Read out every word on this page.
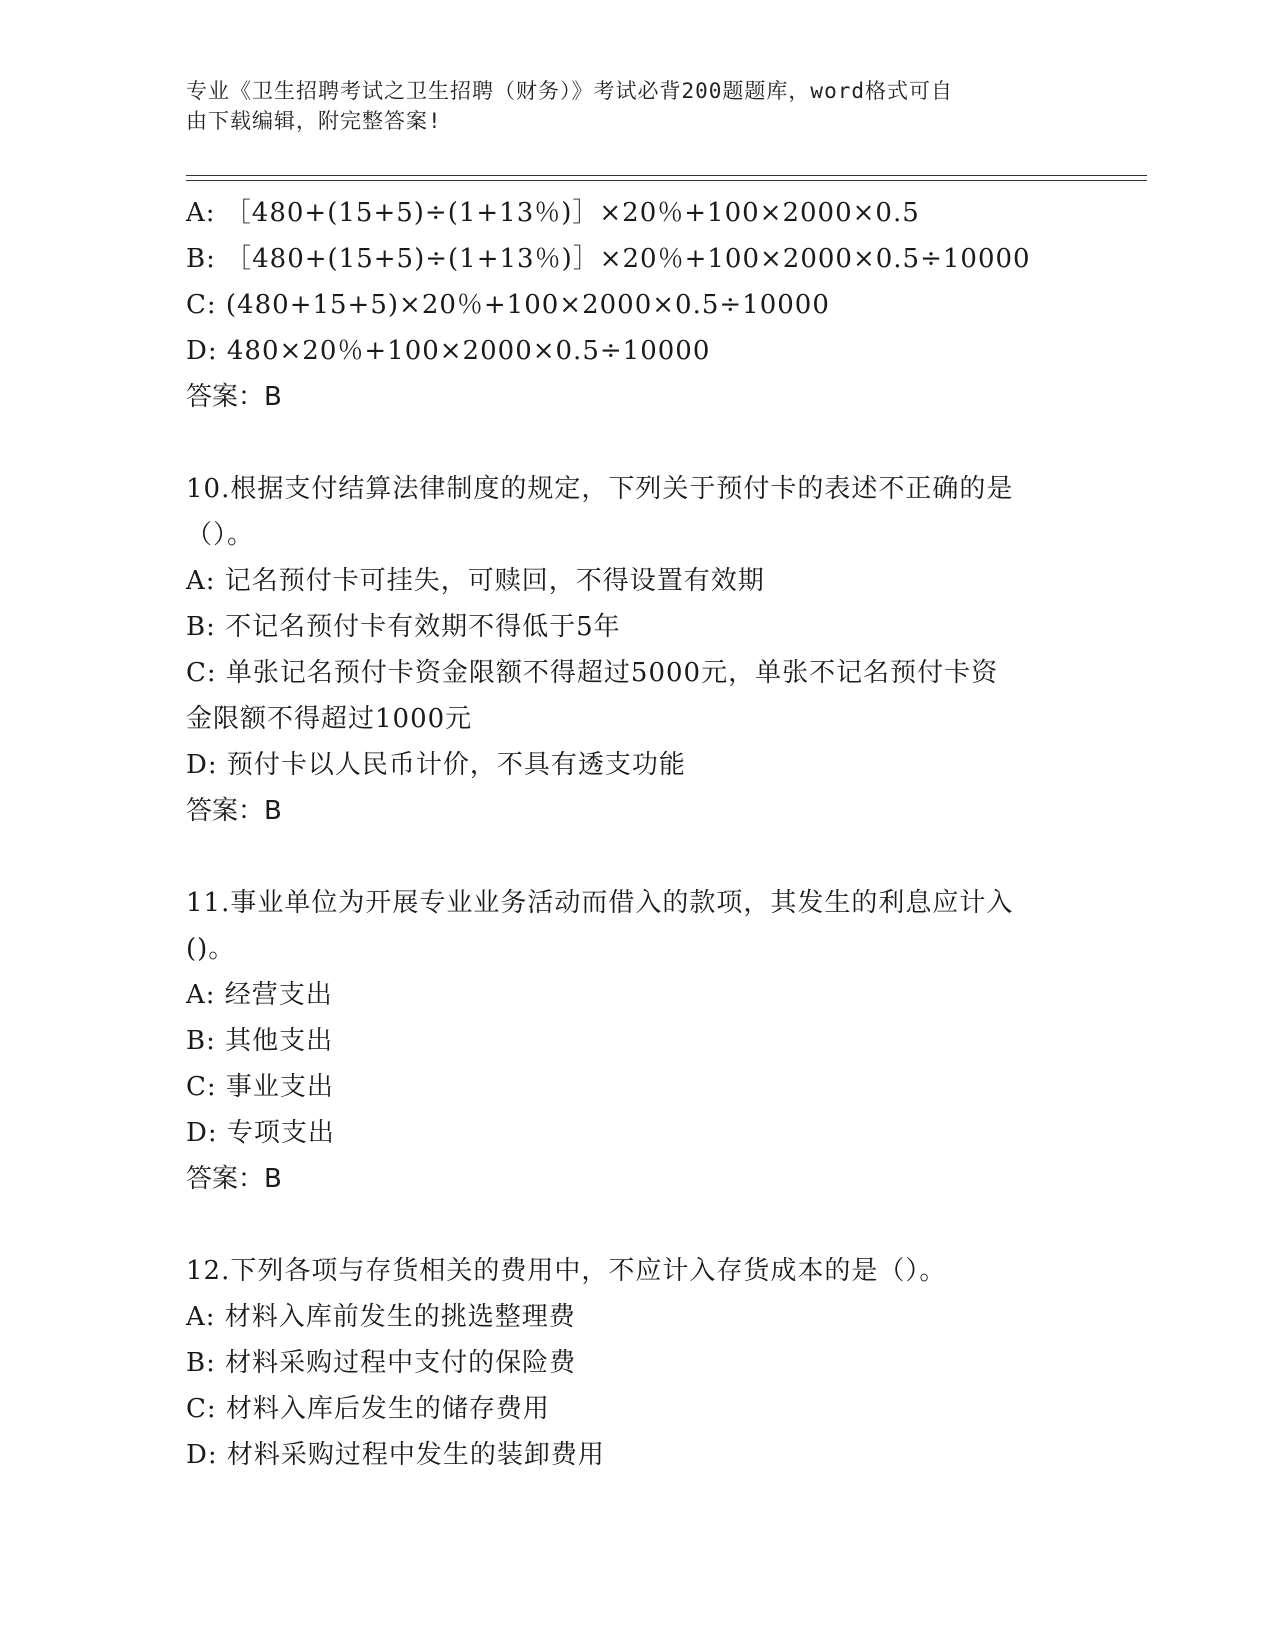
专业《卫生招聘考试之卫生招聘（财务）》考试必背200题题库，word格式可自
由下载编辑，附完整答案!
A: ［480+(15+5)÷(1+13％)］×20％+100×2000×0.5
B: ［480+(15+5)÷(1+13％)］×20％+100×2000×0.5÷10000
C: (480+15+5)×20％+100×2000×0.5÷10000
D: 480×20％+100×2000×0.5÷10000
答案：B
10.根据支付结算法律制度的规定，下列关于预付卡的表述不正确的是
（）。
A: 记名预付卡可挂失，可赎回，不得设置有效期
B: 不记名预付卡有效期不得低于5年
C: 单张记名预付卡资金限额不得超过5000元，单张不记名预付卡资
金限额不得超过1000元
D: 预付卡以人民币计价，不具有透支功能
答案：B
11.事业单位为开展专业业务活动而借入的款项，其发生的利息应计入
()。
A: 经营支出
B: 其他支出
C: 事业支出
D: 专项支出
答案：B
12.下列各项与存货相关的费用中，不应计入存货成本的是（）。
A: 材料入库前发生的挑选整理费
B: 材料采购过程中支付的保险费
C: 材料入库后发生的储存费用
D: 材料采购过程中发生的装卸费用
